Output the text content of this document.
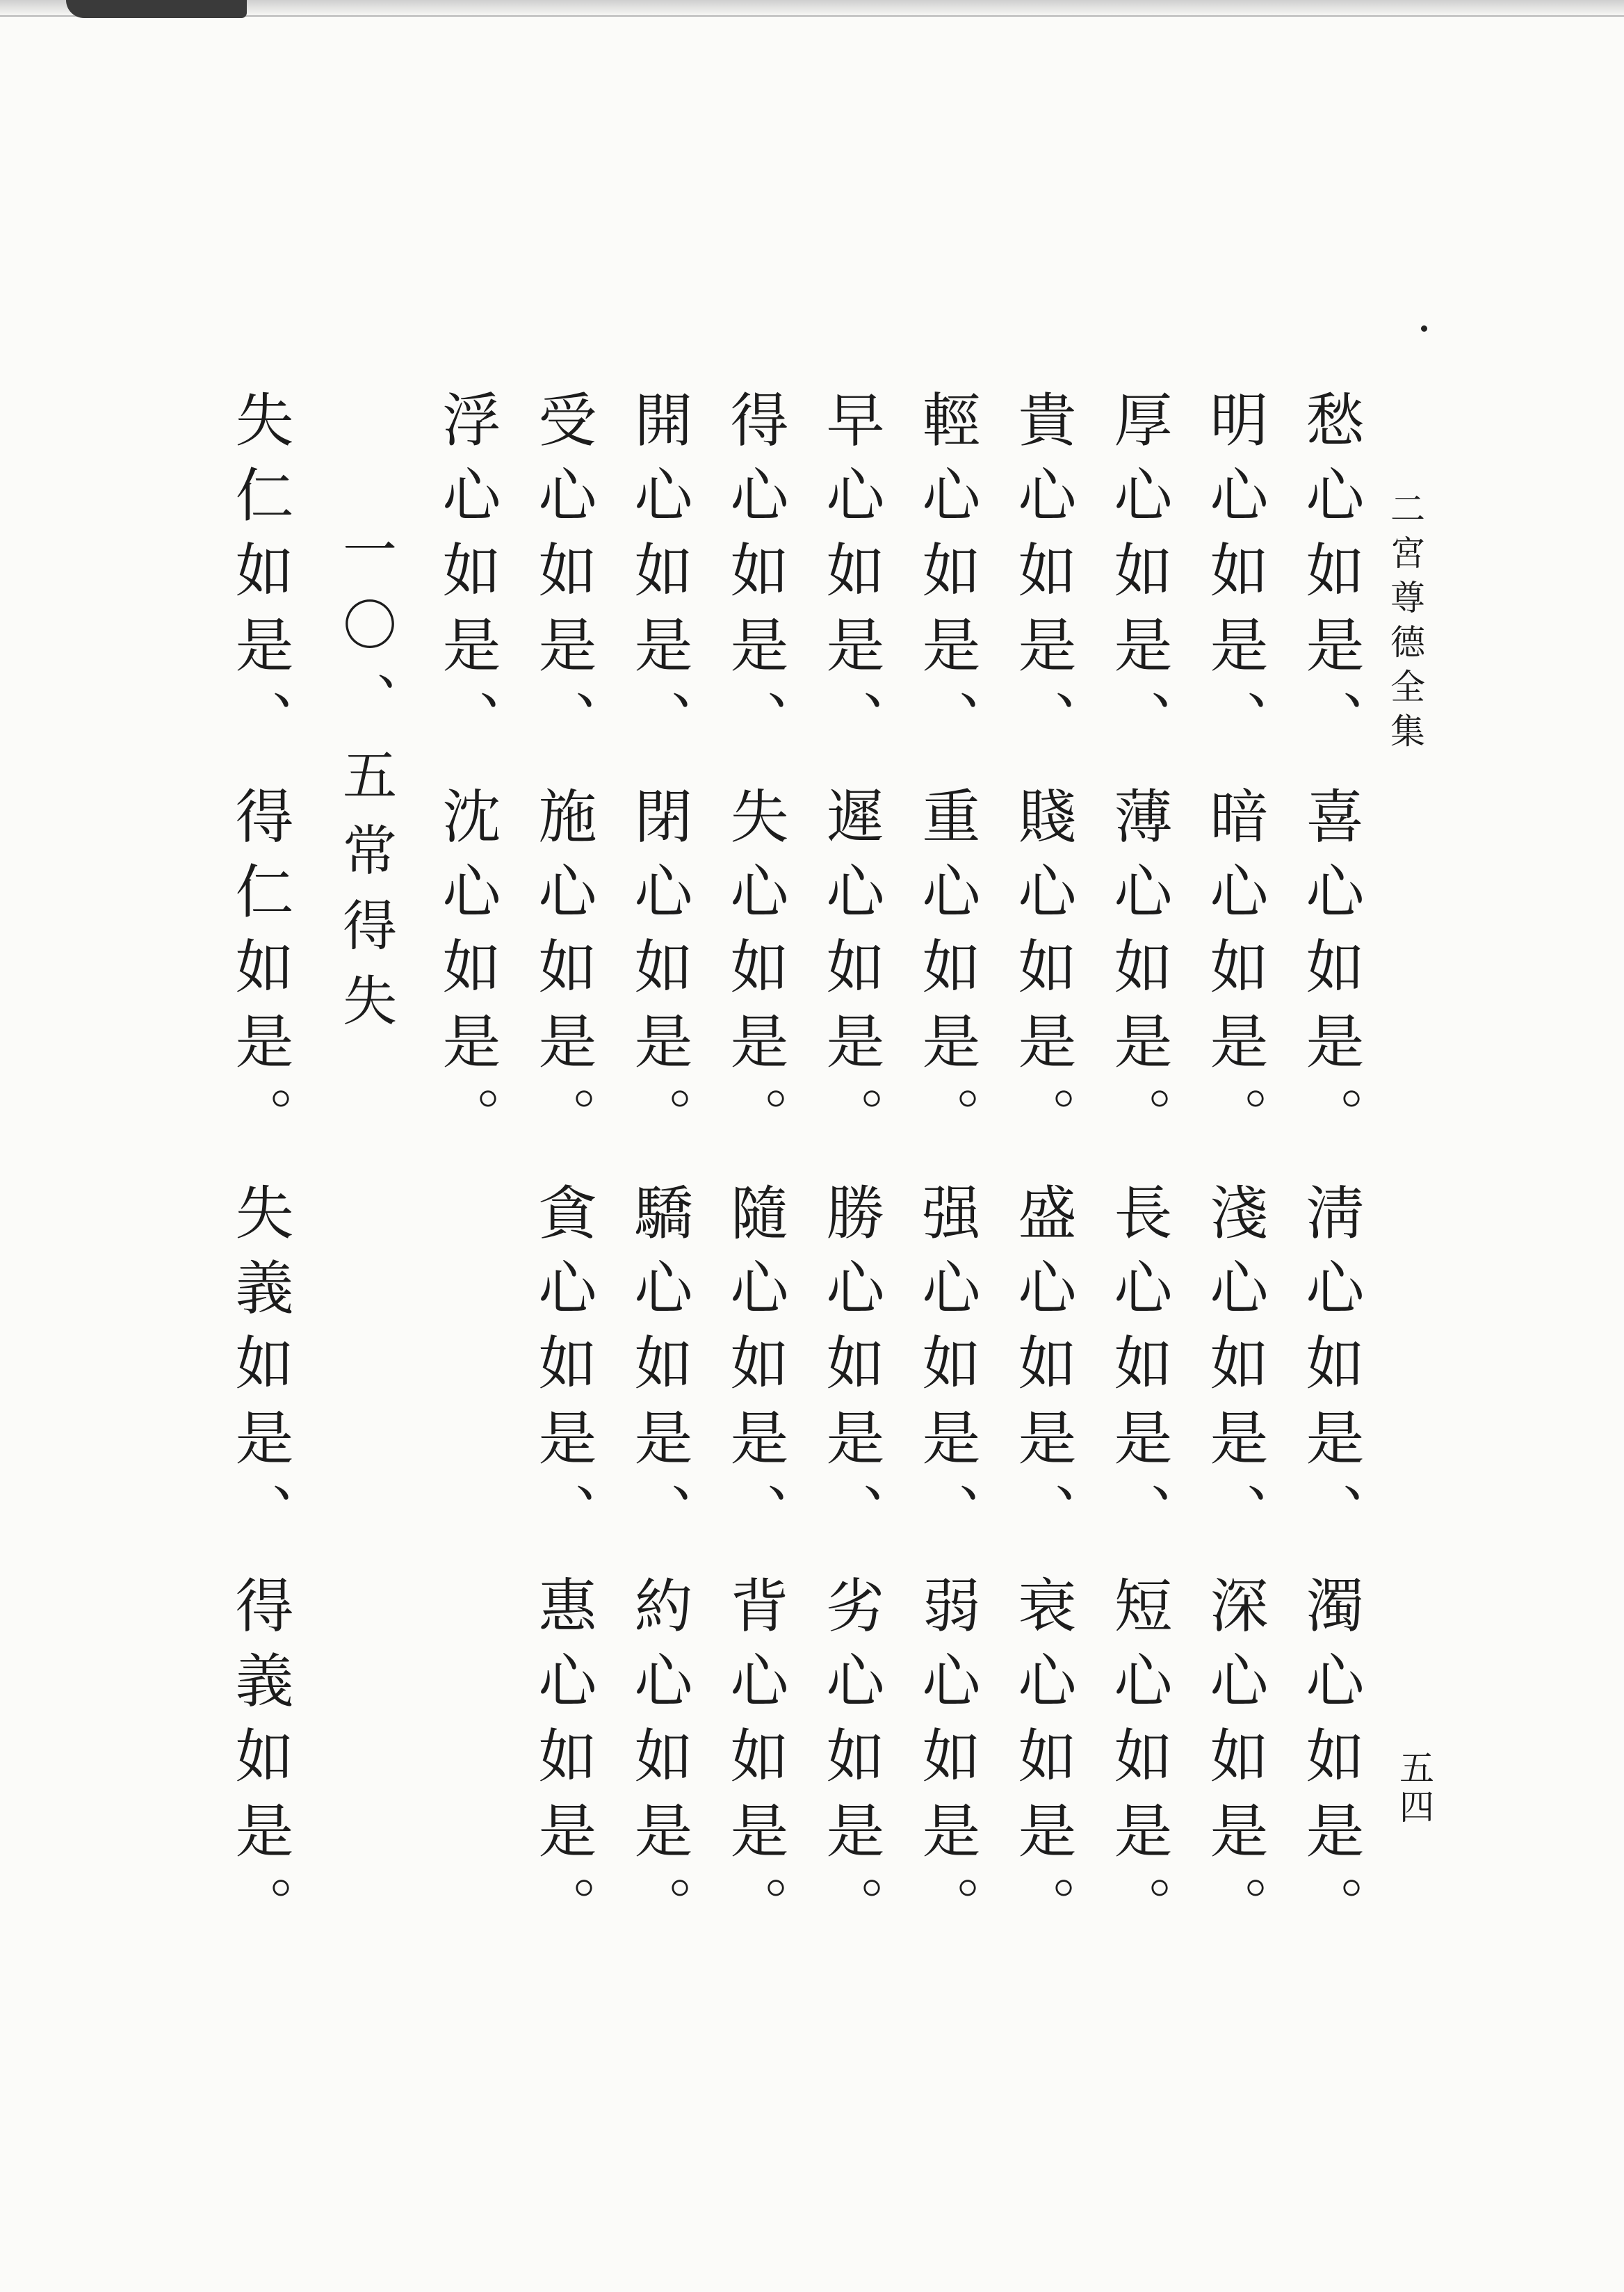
二宮尊德全集
五四
愁心如是、
明心如是、
厚心如是、
貴心如是、
輕心如是、
早心如是、
得心如是、
開心如是、
受心如是、
浮心如是、
喜心如是。
暗心如是。
薄心如是。
賤心如是。
重心如是。
遲心如是。
失心如是。
閉心如是。
施心如是。
沈心如是。
淸心如是、
淺心如是、
長心如是、
盛心如是、
强心如是、
勝心如是、
隨心如是、
驕心如是、
貪心如是、
濁心如是。
深心如是。
短心如是。
衰心如是。
弱心如是。
劣心如是。
背心如是。
約心如是。
惠心如是。
一〇、五常得失
失仁如是、
得仁如是。
失義如是、
得義如是。
